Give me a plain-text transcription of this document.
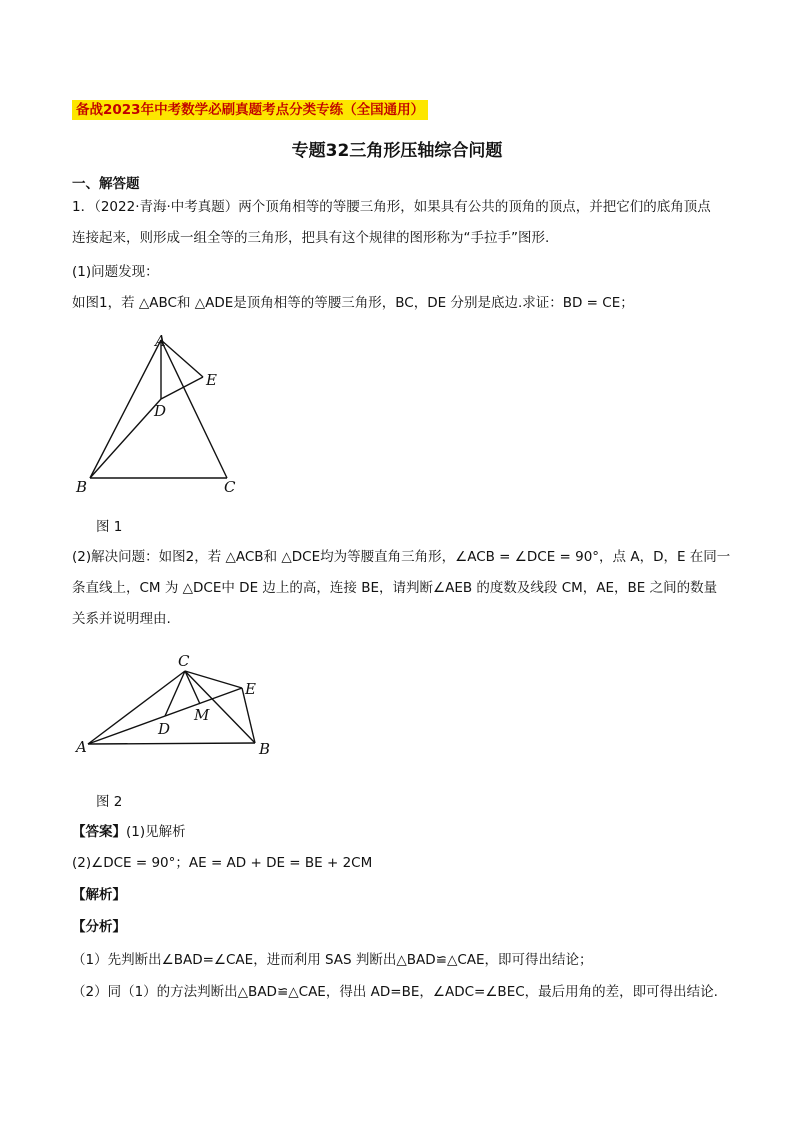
备战2023年中考数学必刷真题考点分类专练（全国通用）
专题32三角形压轴综合问题
一、解答题
1．（2022·青海·中考真题）两个顶角相等的等腰三角形，如果具有公共的顶角的顶点，并把它们的底角顶点
连接起来，则形成一组全等的三角形，把具有这个规律的图形称为“手拉手”图形.
(1)问题发现：
如图1，若 △ABC和 △ADE是顶角相等的等腰三角形，BC，DE 分别是底边.求证：BD = CE；
A
B	C
D
E
图 1
(2)解决问题：如图2，若 △ACB和 △DCE均为等腰直角三角形，∠ACB = ∠DCE = 90°，点 A，D，E 在同一
条直线上，CM 为 △DCE中 DE 边上的高，连接 BE，请判断∠AEB 的度数及线段 CM，AE，BE 之间的数量
关系并说明理由.
C
E
M
D
A	B
图 2
【答案】(1)见解析
(2)∠DCE = 90°；AE = AD + DE = BE + 2CM
【解析】
【分析】
（1）先判断出∠BAD=∠CAE，进而利用 SAS 判断出△BAD≌△CAE，即可得出结论；
（2）同（1）的方法判断出△BAD≌△CAE，得出 AD=BE，∠ADC=∠BEC，最后用角的差，即可得出结论.
